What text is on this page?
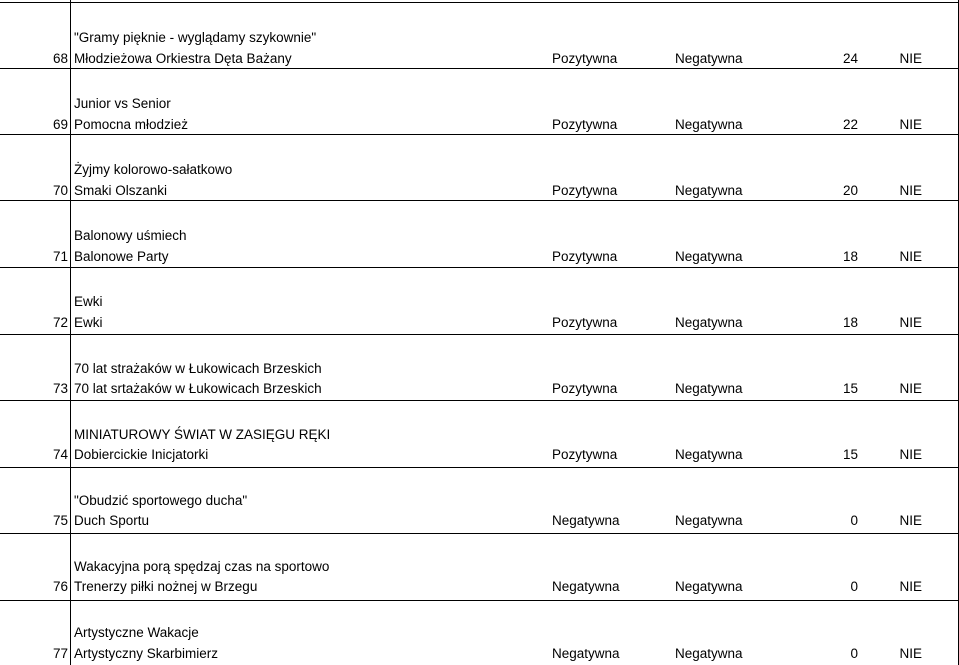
"Gramy pięknie - wyglądamy szykownie"
68 Młodzieżowa Orkiestra Dęta Bażany	Pozytywna	Negatywna	24	NIE
Junior vs Senior
69 Pomocna młodzież	Pozytywna	Negatywna	22	NIE
Żyjmy kolorowo-sałatkowo
70 Smaki Olszanki	Pozytywna	Negatywna	20	NIE
Balonowy uśmiech
71 Balonowe Party	Pozytywna	Negatywna	18	NIE
Ewki
72 Ewki	Pozytywna	Negatywna	18	NIE
70 lat strażaków w Łukowicach Brzeskich
73 70 lat srtażaków w Łukowicach Brzeskich	Pozytywna	Negatywna	15	NIE
MINIATUROWY ŚWIAT W ZASIĘGU RĘKI
74 Dobiercickie Inicjatorki	Pozytywna	Negatywna	15	NIE
"Obudzić sportowego ducha"
75 Duch Sportu	Negatywna	Negatywna	0	NIE
Wakacyjna porą spędzaj czas na sportowo
76 Trenerzy piłki nożnej w Brzegu	Negatywna	Negatywna	0	NIE
Artystyczne Wakacje
77 Artystyczny Skarbimierz	Negatywna	Negatywna	0	NIE
